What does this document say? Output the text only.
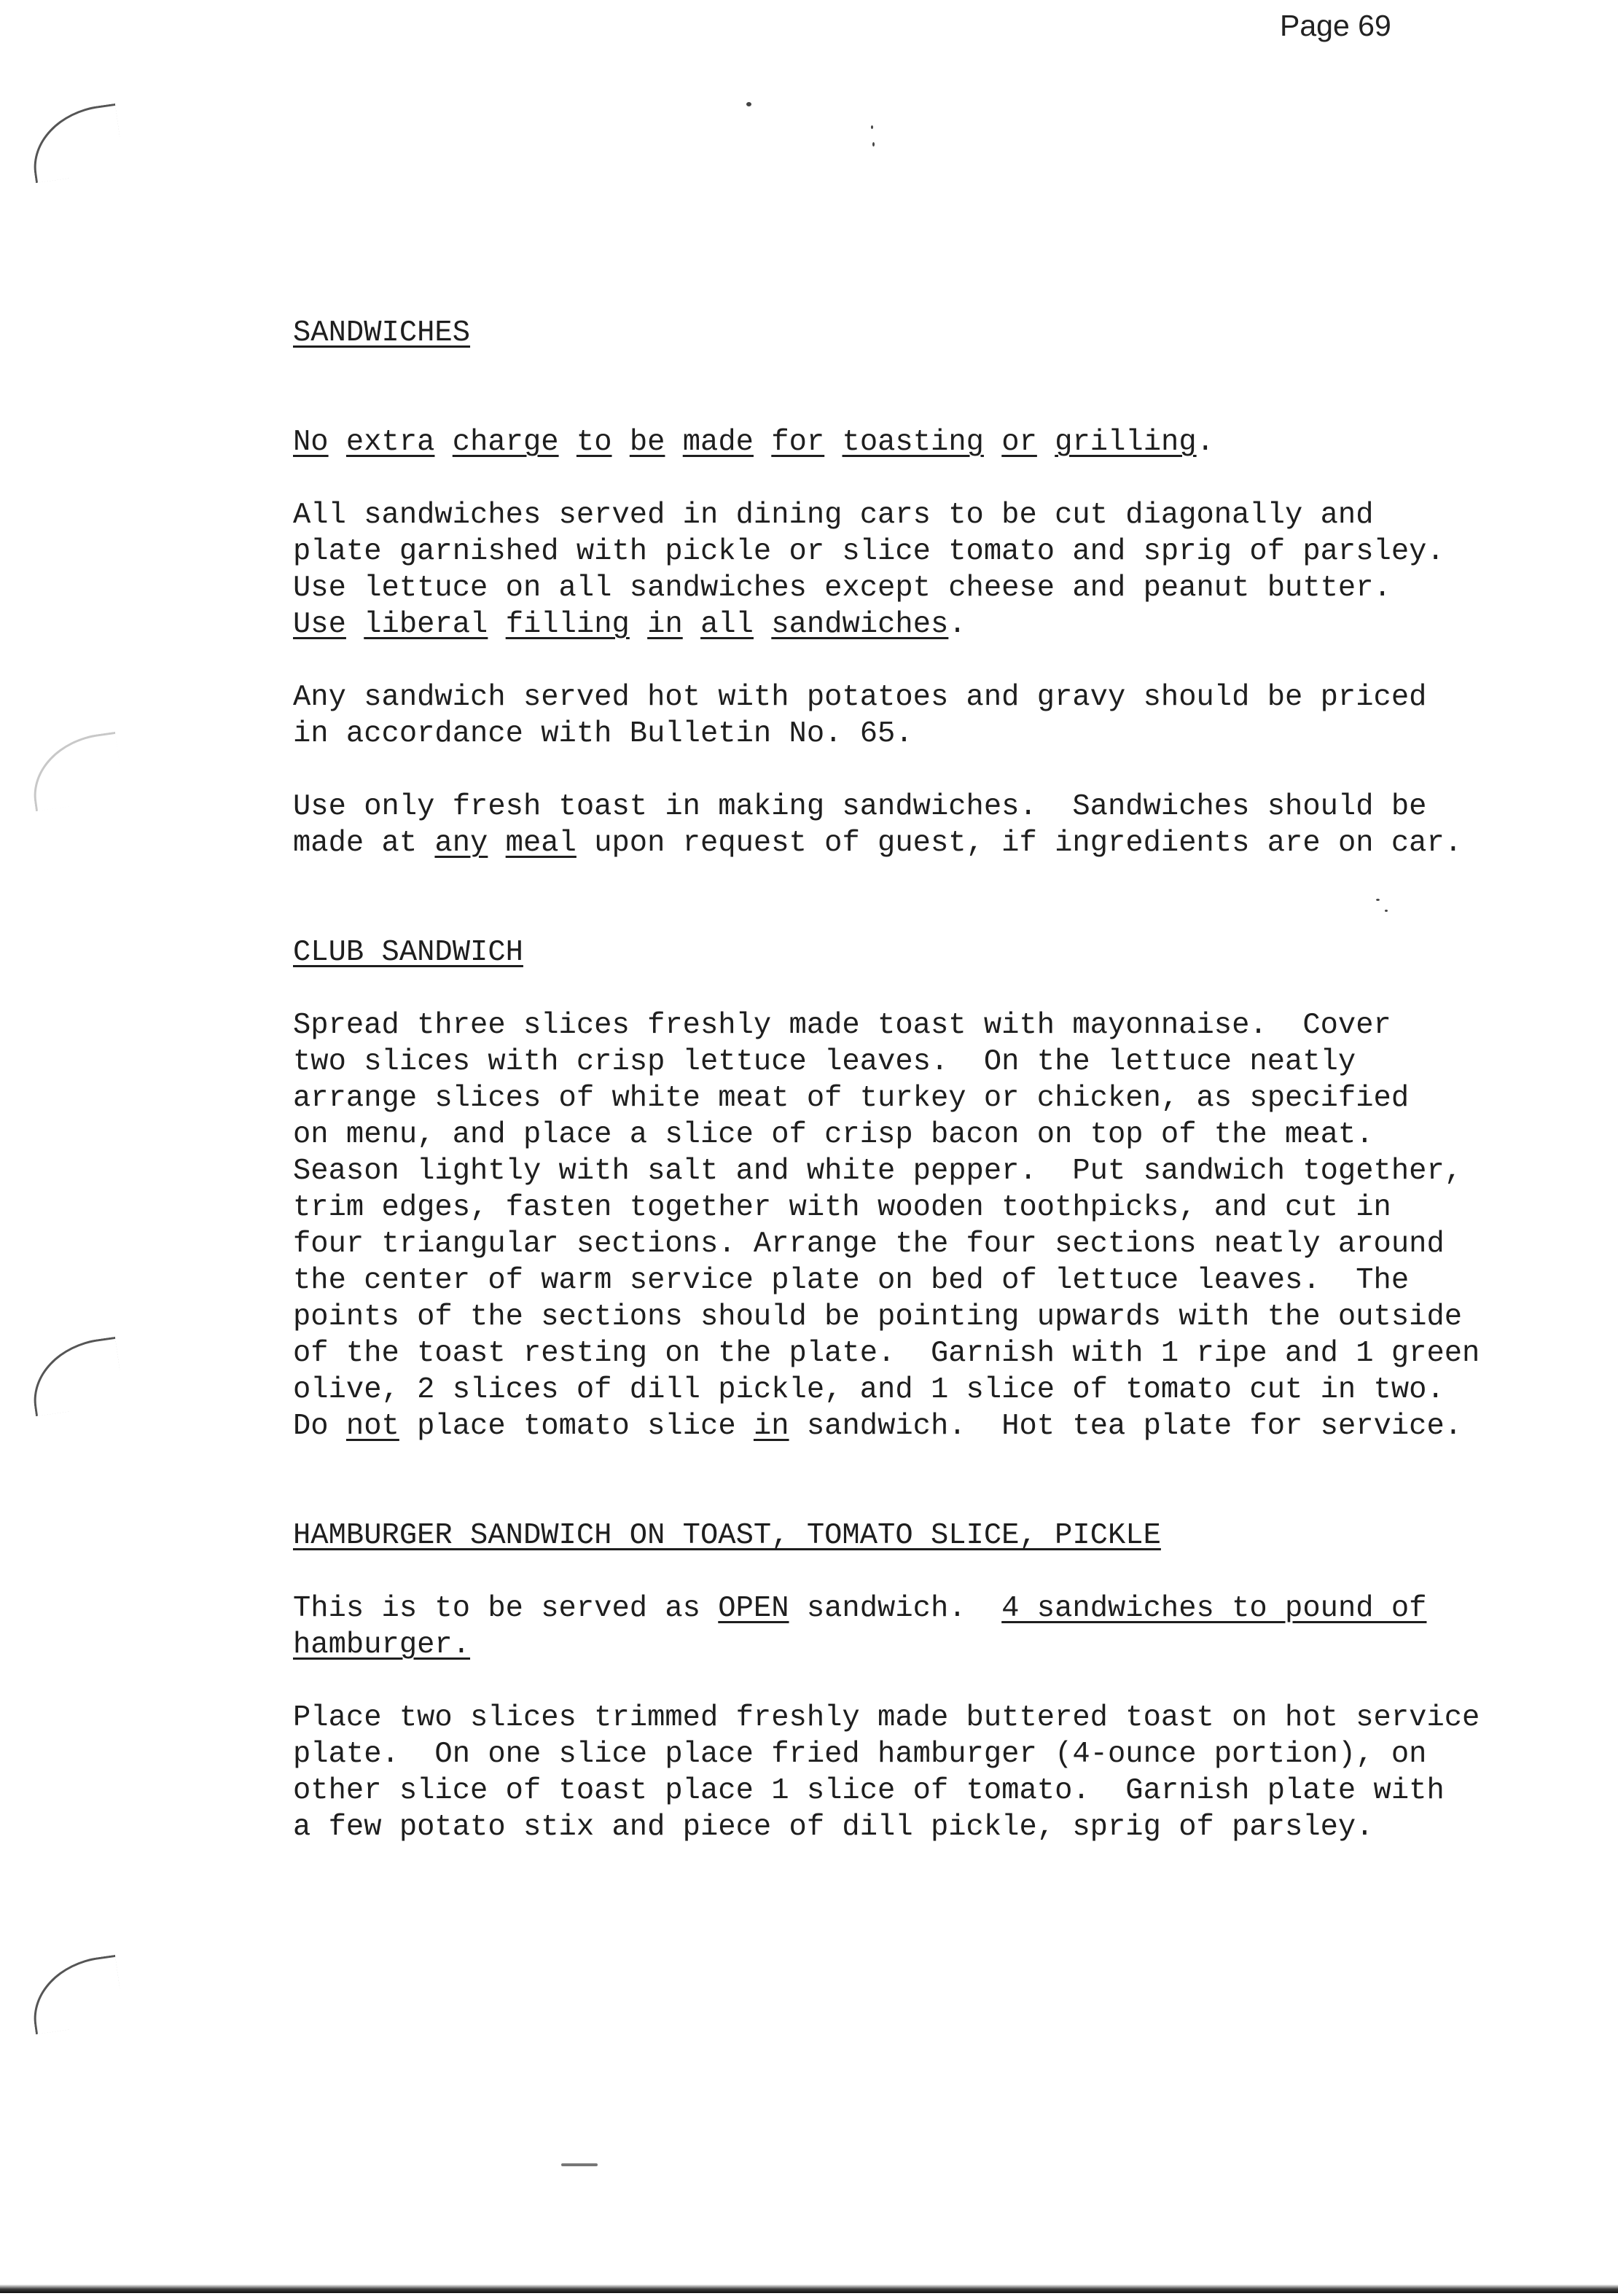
Page 69
SANDWICHES
No extra charge to be made for toasting or grilling.
All sandwiches served in dining cars to be cut diagonally and
plate garnished with pickle or slice tomato and sprig of parsley.
Use lettuce on all sandwiches except cheese and peanut butter.
Use liberal filling in all sandwiches.
Any sandwich served hot with potatoes and gravy should be priced
in accordance with Bulletin No. 65.
Use only fresh toast in making sandwiches.  Sandwiches should be
made at any meal upon request of guest, if ingredients are on car.
CLUB SANDWICH
Spread three slices freshly made toast with mayonnaise.  Cover
two slices with crisp lettuce leaves.  On the lettuce neatly
arrange slices of white meat of turkey or chicken, as specified
on menu, and place a slice of crisp bacon on top of the meat.
Season lightly with salt and white pepper.  Put sandwich together,
trim edges, fasten together with wooden toothpicks, and cut in
four triangular sections. Arrange the four sections neatly around
the center of warm service plate on bed of lettuce leaves.  The
points of the sections should be pointing upwards with the outside
of the toast resting on the plate.  Garnish with 1 ripe and 1 green
olive, 2 slices of dill pickle, and 1 slice of tomato cut in two.
Do not place tomato slice in sandwich.  Hot tea plate for service.
HAMBURGER SANDWICH ON TOAST, TOMATO SLICE, PICKLE
This is to be served as OPEN sandwich.  4 sandwiches to pound of
hamburger.
Place two slices trimmed freshly made buttered toast on hot service
plate.  On one slice place fried hamburger (4-ounce portion), on
other slice of toast place 1 slice of tomato.  Garnish plate with
a few potato stix and piece of dill pickle, sprig of parsley.
